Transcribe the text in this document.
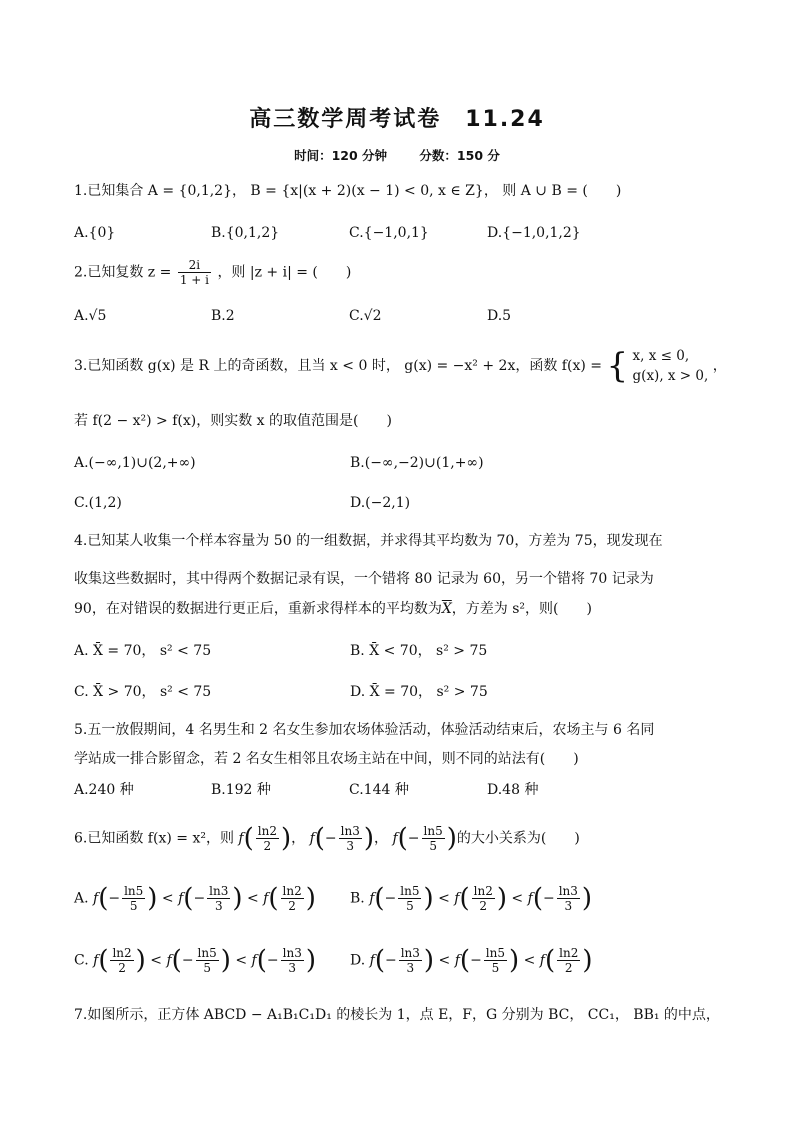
高三数学周考试卷　11.24
时间：120 分钟	分数：150 分
1.已知集合 A = {0,1,2}， B = {x|(x + 2)(x − 1) < 0, x ∈ Z}， 则 A ∪ B = (　　)
A.{0}	B.{0,1,2}	C.{−1,0,1}	D.{−1,0,1,2}
2.已知复数 $z = \frac{2i}{1 + i}$ ，则 |z + i| = (　　)
A.√5	B.2	C.√2	D.5
3.已知函数 g(x) 是 R 上的奇函数，且当 x < 0 时， g(x) = −x² + 2x，函数 f(x) = { x, x ≤ 0,
g(x), x > 0,
，
若 f(2 − x²) > f(x)，则实数 x 的取值范围是(　　)
A.(−∞,1)∪(2,+∞)	B.(−∞,−2)∪(1,+∞)
C.(1,2)	D.(−2,1)
4.已知某人收集一个样本容量为 50 的一组数据，并求得其平均数为 70，方差为 75，现发现在
收集这些数据时，其中得两个数据记录有误，一个错将 80 记录为 60，另一个错将 70 记录为
90，在对错误的数据进行更正后，重新求得样本的平均数为$\overline{X}$，方差为 s²，则(　　)
A. X̄ = 70， s² < 75	B. X̄ < 70， s² > 75
C. X̄ > 70， s² < 75	D. X̄ = 70， s² > 75
5.五一放假期间，4 名男生和 2 名女生参加农场体验活动，体验活动结束后，农场主与 6 名同
学站成一排合影留念，若 2 名女生相邻且农场主站在中间，则不同的站法有(　　)
A.240 种	B.192 种	C.144 种	D.48 种
6.已知函数 f(x) = x²，则 $f( \frac{\ln 2}{2}$ )， $f(- \frac{\ln 3}{3}$ )， $f(- \frac{\ln 5}{5}$ )的大小关系为(　　)
A. $f(- \frac{\ln 5}{5}$ ) < $f(- \frac{\ln 3}{3}$ ) < $f( \frac{\ln 2}{2}$ ) B. $f(- \frac{\ln 5}{5}$ ) < $f( \frac{\ln 2}{2}$ ) < $f(- \frac{\ln 3}{3}$ )
C. $f( \frac{\ln 2}{2}$ ) < $f(- \frac{\ln 5}{5}$ ) < $f(- \frac{\ln 3}{3}$ ) D. $f(- \frac{\ln 3}{3}$ ) < $f(- \frac{\ln 5}{5}$ ) < $f( \frac{\ln 2}{2}$ )
7.如图所示，正方体 ABCD − A₁B₁C₁D₁ 的棱长为 1，点 E，F，G 分别为 BC， CC₁， BB₁ 的中点，
